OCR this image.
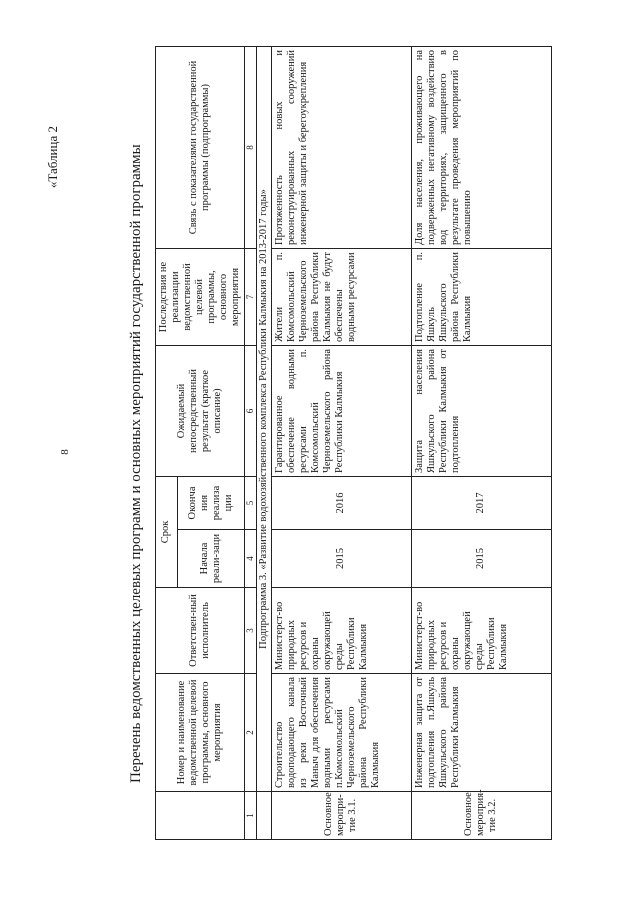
8
«Таблица 2	Перечень ведомственных целевых программ и основных мероприятий государственной программы
		Номер и наименование ведомственной целевой программы, основного мероприятия	Ответствен-ный исполнитель	Срок		Ожидаемый непосредственный результат (краткое описание)	Последствия не реализации ведомственной целевой программы, основного мероприятия	Связь с показателями государственной программы (подпрограммы)
			Начала реали-заци	Оконча ния реализа ции			
1	2	3	4	5	6	7	8
	Подпрограмма 3. «Развитие водохозяйственного комплекса Республики Калмыкия на 2013-2017 годы»						
Основное меропри-тие 3.1.	Строительство водоподающего канала из реки Восточный Маныч для обеспечения водными ресурсами п.Комсомольский Черноземельского района Республики Калмыкия	Министерст-во природных ресурсов и охраны окружающей среды Республики Калмыкия	2015	2016	Гарантированное обеспечение водными ресурсами п. Комсомольский Черноземельского района Республики Калмыкия	Жители п. Комсомольский Черноземельского района Республики Калмыкия не будут обеспечены водными ресурсами	Протяженность новых и реконструированных сооружений инженерной защиты и берегоукрепления
Основное мероприя-тие 3.2.	Инженерная защита от подтопления п.Яшкуль Яшкульского района Республики Калмыкия	Министерст-во природных ресурсов и охраны окружающей среды Республики Калмыкия	2015	2017	Защита населения Яшкульского района Республики Калмыкия от подтопления	Подтопление п. Яшкуль Яшкульского района Республики Калмыкия	Доля населения, проживающего на подверженных негативному воздействию вод территориях, защищенного в результате проведения мероприятий по повышению
